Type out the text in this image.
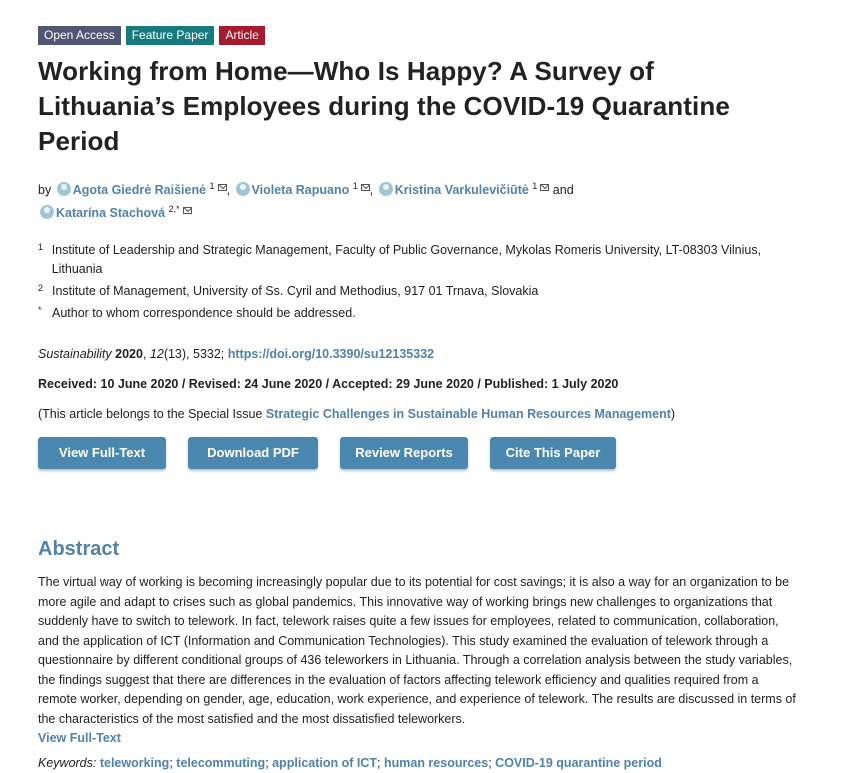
Open Access	Feature Paper	Article
Working from Home—Who Is Happy? A Survey of Lithuania’s Employees during the COVID-19 Quarantine Period
by Agota Giedrė Raišienė $^1$ , Violeta Rapuano $^1$ , Kristina Varkulevičiūtė $^1$ and
Katarína Stachová $^{2,*}$
1 Institute of Leadership and Strategic Management, Faculty of Public Governance, Mykolas Romeris University, LT-08303 Vilnius, Lithuania
2 Institute of Management, University of Ss. Cyril and Methodius, 917 01 Trnava, Slovakia
* Author to whom correspondence should be addressed.
Sustainability 2020, 12(13), 5332; https://doi.org/10.3390/su12135332
Received: 10 June 2020 / Revised: 24 June 2020 / Accepted: 29 June 2020 / Published: 1 July 2020
(This article belongs to the Special Issue Strategic Challenges in Sustainable Human Resources Management)
View Full-Text	Download PDF	Review Reports	Cite This Paper
Abstract
The virtual way of working is becoming increasingly popular due to its potential for cost savings; it is also a way for an organization to be more agile and adapt to crises such as global pandemics. This innovative way of working brings new challenges to organizations that suddenly have to switch to telework. In fact, telework raises quite a few issues for employees, related to communication, collaboration, and the application of ICT (Information and Communication Technologies). This study examined the evaluation of telework through a questionnaire by different conditional groups of 436 teleworkers in Lithuania. Through a correlation analysis between the study variables, the findings suggest that there are differences in the evaluation of factors affecting telework efficiency and qualities required from a remote worker, depending on gender, age, education, work experience, and experience of telework. The results are discussed in terms of the characteristics of the most satisfied and the most dissatisfied teleworkers.
View Full-Text
Keywords: teleworking; telecommuting; application of ICT; human resources; COVID-19 quarantine period
